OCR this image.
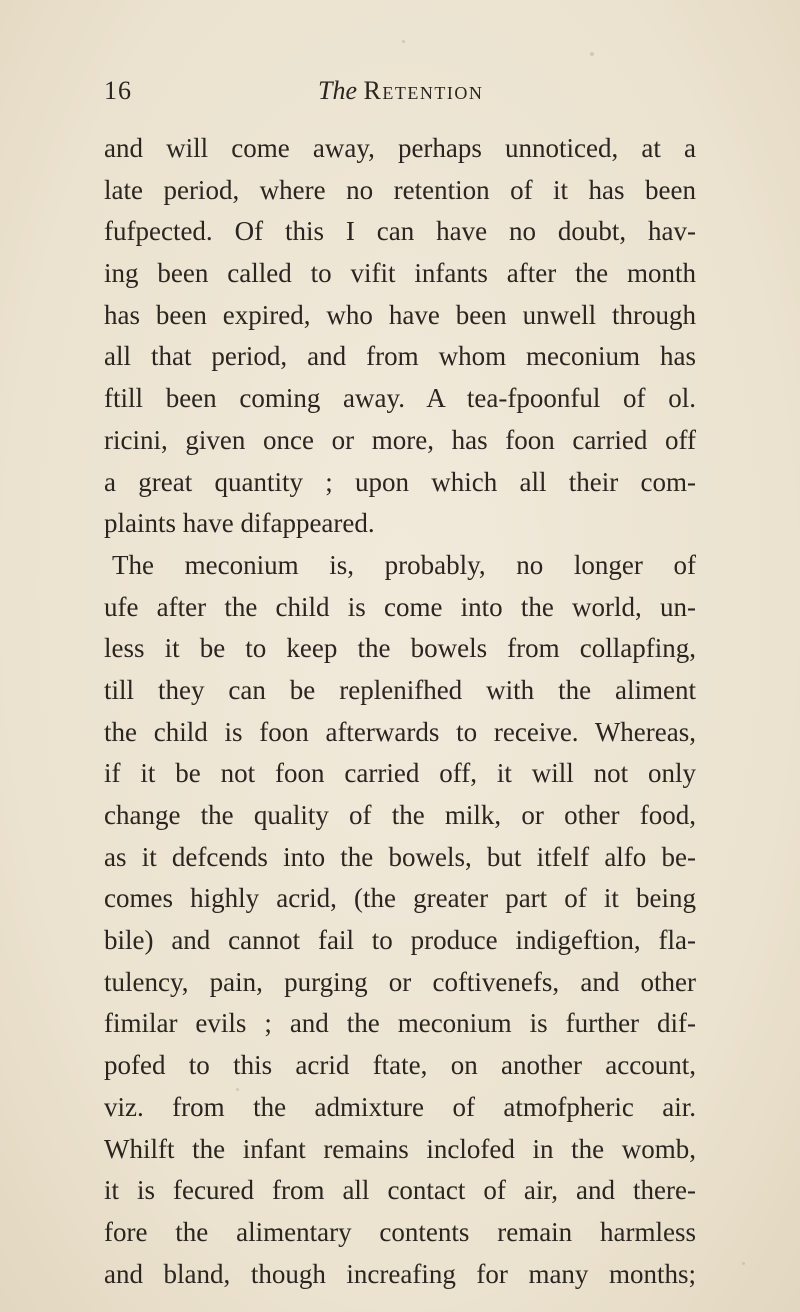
16	The Retention
and will come away, perhaps unnoticed, at a
late period, where no retention of it has been
fufpected. Of this I can have no doubt, hav-
ing been called to vifit infants after the month
has been expired, who have been unwell through
all that period, and from whom meconium has
ftill been coming away. A tea-fpoonful of ol.
ricini, given once or more, has foon carried off
a great quantity ; upon which all their com-
plaints have difappeared.
The meconium is, probably, no longer of
ufe after the child is come into the world, un-
less it be to keep the bowels from collapfing,
till they can be replenifhed with the aliment
the child is foon afterwards to receive. Whereas,
if it be not foon carried off, it will not only
change the quality of the milk, or other food,
as it defcends into the bowels, but itfelf alfo be-
comes highly acrid, (the greater part of it being
bile) and cannot fail to produce indigeftion, fla-
tulency, pain, purging or coftivenefs, and other
fimilar evils ; and the meconium is further dif-
pofed to this acrid ftate, on another account,
viz. from the admixture of atmofpheric air.
Whilft the infant remains inclofed in the womb,
it is fecured from all contact of air, and there-
fore the alimentary contents remain harmless
and bland, though increafing for many months;
